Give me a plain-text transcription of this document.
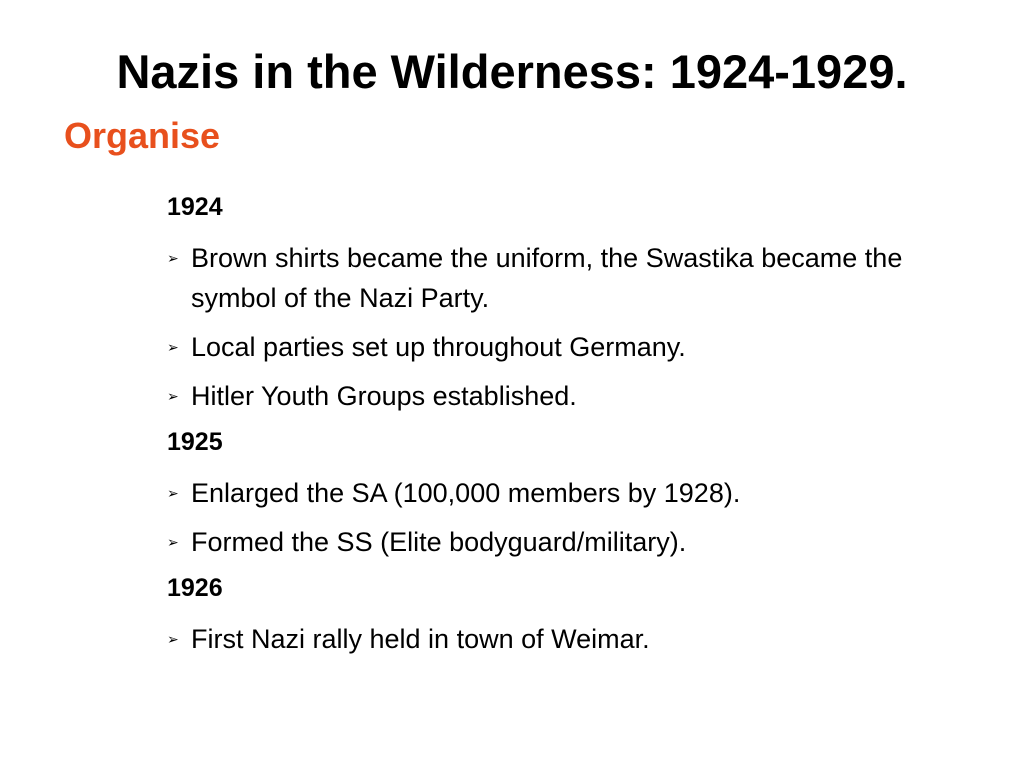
Nazis in the Wilderness: 1924-1929.
Organise
1924
➢ Brown shirts became the uniform, the Swastika became the symbol of the Nazi Party.
➢ Local parties set up throughout Germany.
➢ Hitler Youth Groups established.
1925
➢ Enlarged the SA (100,000 members by 1928).
➢ Formed the SS (Elite bodyguard/military).
1926
➢ First Nazi rally held in town of Weimar.
